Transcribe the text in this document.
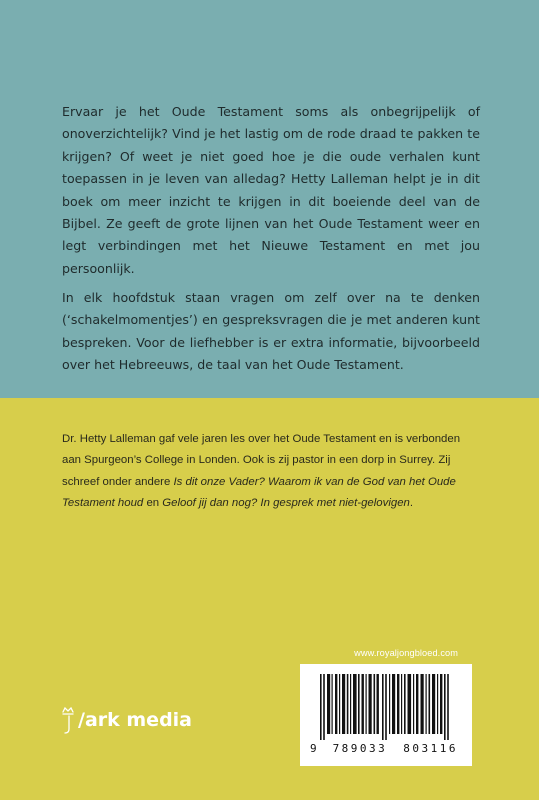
Ervaar je het Oude Testament soms als onbegrijpelijk of onoverzichtelijk? Vind je het lastig om de rode draad te pakken te krijgen? Of weet je niet goed hoe je die oude verhalen kunt toepassen in je leven van alledag? Hetty Lalleman helpt je in dit boek om meer inzicht te krijgen in dit boeiende deel van de Bijbel. Ze geeft de grote lijnen van het Oude Testament weer en legt verbindingen met het Nieuwe Testament en met jou persoonlijk.

In elk hoofdstuk staan vragen om zelf over na te denken (‘schakelmomentjes’) en gespreksvragen die je met anderen kunt bespreken. Voor de liefhebber is er extra informatie, bijvoorbeeld over het Hebreeuws, de taal van het Oude Testament.

Dr. Hetty Lalleman gaf vele jaren les over het Oude Testament en is verbonden aan Spurgeon’s College in Londen. Ook is zij pastor in een dorp in Surrey. Zij schreef onder andere Is dit onze Vader? Waarom ik van de God van het Oude Testament houd en Geloof jij dan nog? In gesprek met niet-gelovigen.

www.royaljongbloed.com
9 789033 803116
/ark media
